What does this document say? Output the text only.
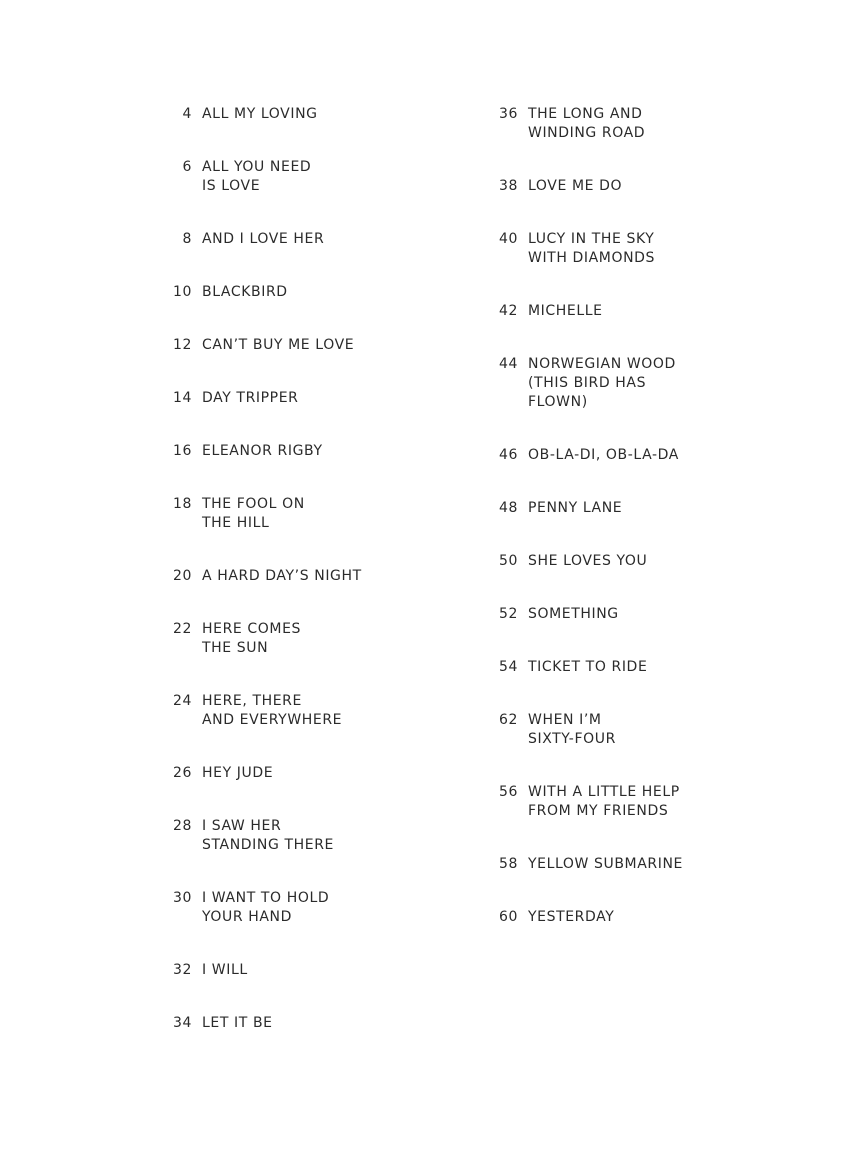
4 ALL MY LOVING
6 ALL YOU NEED
IS LOVE
8 AND I LOVE HER
10 BLACKBIRD
12 CAN’T BUY ME LOVE
14 DAY TRIPPER
16 ELEANOR RIGBY
18 THE FOOL ON
THE HILL
20 A HARD DAY’S NIGHT
22 HERE COMES
THE SUN
24 HERE, THERE
AND EVERYWHERE
26 HEY JUDE
28 I SAW HER
STANDING THERE
30 I WANT TO HOLD
YOUR HAND
32 I WILL
34 LET IT BE
36 THE LONG AND
WINDING ROAD
38 LOVE ME DO
40 LUCY IN THE SKY
WITH DIAMONDS
42 MICHELLE
44 NORWEGIAN WOOD
(THIS BIRD HAS
FLOWN)
46 OB-LA-DI, OB-LA-DA
48 PENNY LANE
50 SHE LOVES YOU
52 SOMETHING
54 TICKET TO RIDE
62 WHEN I’M
SIXTY-FOUR
56 WITH A LITTLE HELP
FROM MY FRIENDS
58 YELLOW SUBMARINE
60 YESTERDAY
